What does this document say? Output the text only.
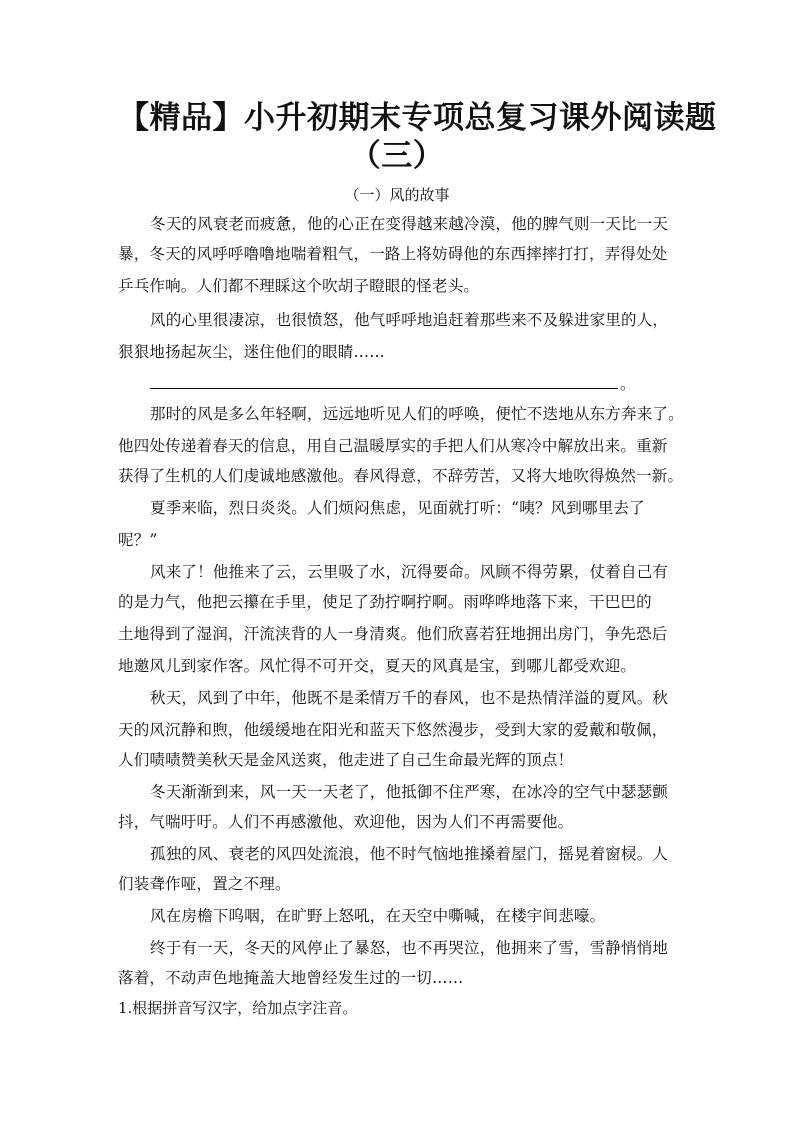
【精品】小升初期末专项总复习课外阅读题
（三）
（一）风的故事
冬天的风衰老而疲惫，他的心正在变得越来越冷漠，他的脾气则一天比一天
暴，冬天的风呼呼噜噜地喘着粗气，一路上将妨碍他的东西摔摔打打，弄得处处
乒乓作响。人们都不理睬这个吹胡子瞪眼的怪老头。
风的心里很凄凉，也很愤怒，他气呼呼地追赶着那些来不及躲进家里的人，
狠狠地扬起灰尘，迷住他们的眼睛……
。
那时的风是多么年轻啊，远远地听见人们的呼唤，便忙不迭地从东方奔来了。
他四处传递着春天的信息，用自己温暖厚实的手把人们从寒冷中解放出来。重新
获得了生机的人们虔诚地感激他。春风得意，不辞劳苦，又将大地吹得焕然一新。
夏季来临，烈日炎炎。人们烦闷焦虑，见面就打听：“咦？风到哪里去了
呢？”
风来了！他推来了云，云里吸了水，沉得要命。风顾不得劳累，仗着自己有
的是力气，他把云攥在手里，使足了劲拧啊拧啊。雨哗哗地落下来，干巴巴的
土地得到了湿润，汗流浃背的人一身清爽。他们欣喜若狂地拥出房门，争先恐后
地邀风儿到家作客。风忙得不可开交，夏天的风真是宝，到哪儿都受欢迎。
秋天，风到了中年，他既不是柔情万千的春风，也不是热情洋溢的夏风。秋
天的风沉静和煦，他缓缓地在阳光和蓝天下悠然漫步，受到大家的爱戴和敬佩，
人们啧啧赞美秋天是金风送爽，他走进了自己生命最光辉的顶点！
冬天渐渐到来，风一天一天老了，他抵御不住严寒，在冰冷的空气中瑟瑟颤
抖，气喘吁吁。人们不再感激他、欢迎他，因为人们不再需要他。
孤独的风、衰老的风四处流浪，他不时气恼地推搡着屋门，摇晃着窗棂。人
们装聋作哑，置之不理。
风在房檐下呜咽，在旷野上怒吼，在天空中嘶喊，在楼宇间悲嚎。
终于有一天，冬天的风停止了暴怒，也不再哭泣，他拥来了雪，雪静悄悄地
落着，不动声色地掩盖大地曾经发生过的一切……
1.根据拼音写汉字，给加点字注音。
